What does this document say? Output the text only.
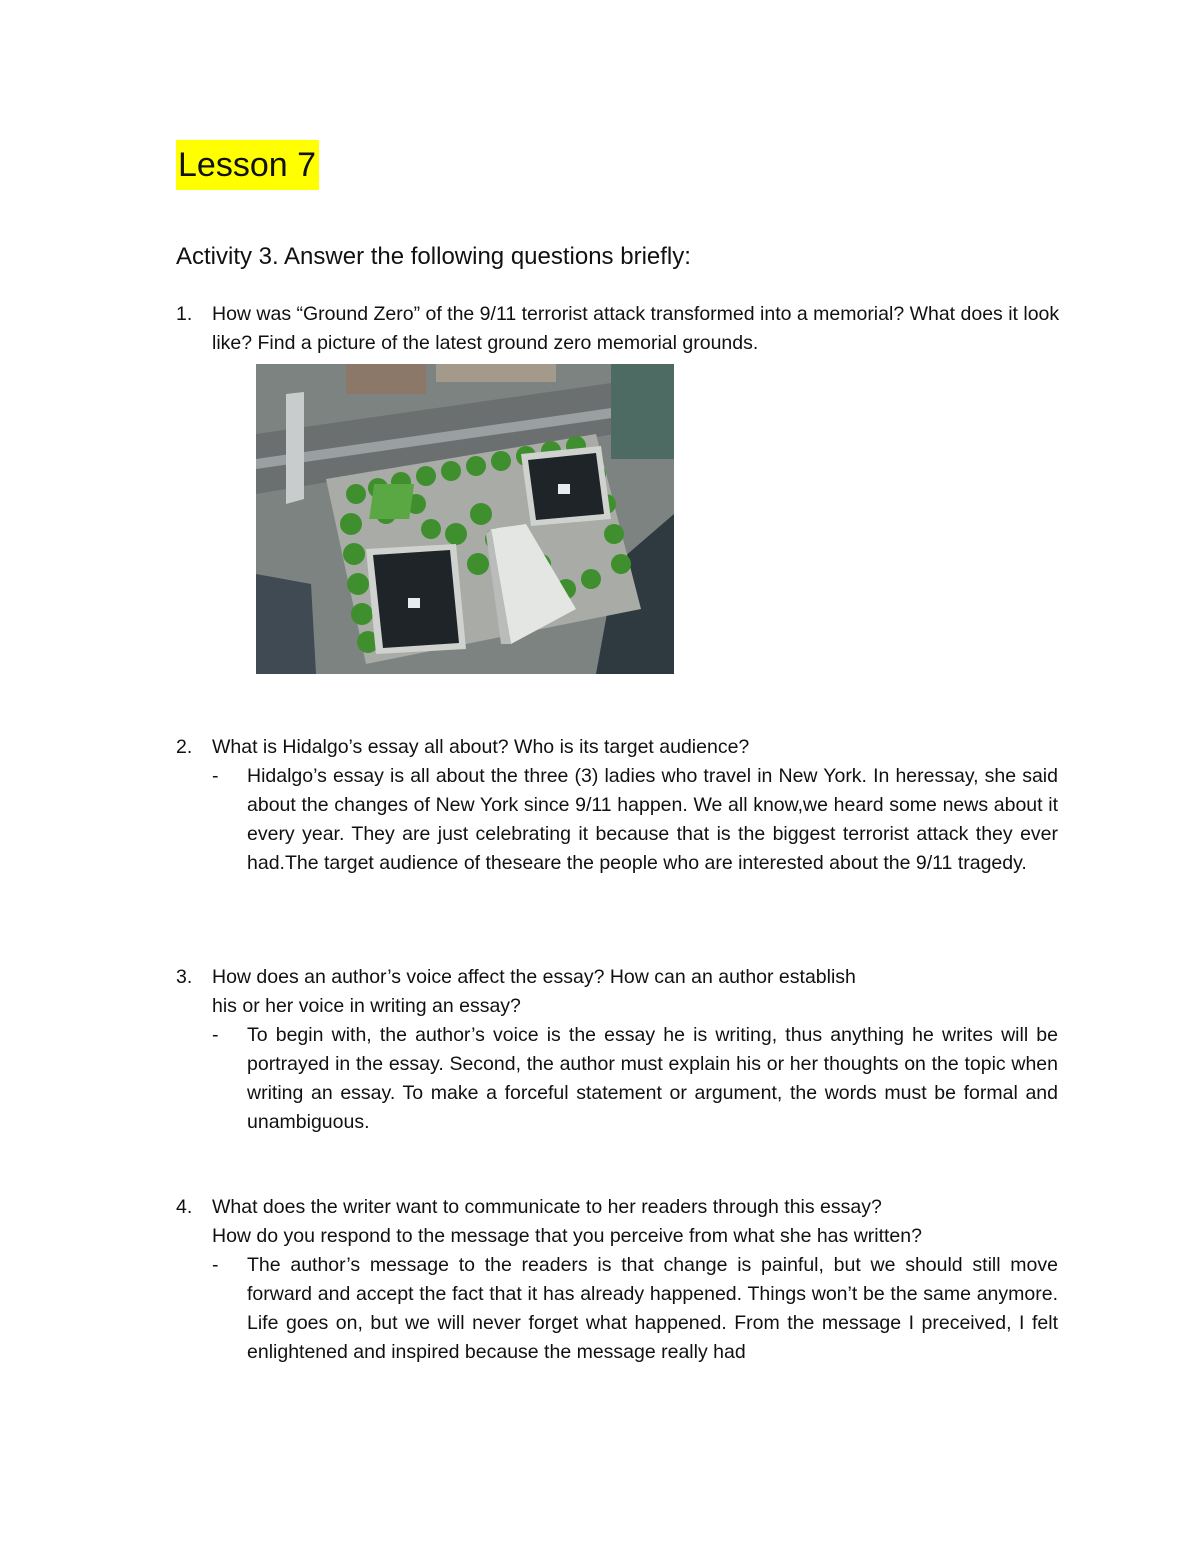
Lesson 7
Activity 3. Answer the following questions briefly:
1. How was “Ground Zero” of the 9/11 terrorist attack transformed into a memorial? What does it look like? Find a picture of the latest ground zero memorial grounds.
2. What is Hidalgo’s essay all about? Who is its target audience?
- Hidalgo’s essay is all about the three (3) ladies who travel in New York. In heressay, she said about the changes of New York since 9/11 happen. We all know,we heard some news about it every year. They are just celebrating it because that is the biggest terrorist attack they ever had.The target audience of theseare the people who are interested about the 9/11 tragedy.
3. How does an author’s voice affect the essay? How can an author establish
his or her voice in writing an essay?
- To begin with, the author’s voice is the essay he is writing, thus anything he writes will be portrayed in the essay. Second, the author must explain his or her thoughts on the topic when writing an essay. To make a forceful statement or argument, the words must be formal and unambiguous.
4. What does the writer want to communicate to her readers through this essay?
How do you respond to the message that you perceive from what she has written?
- The author’s message to the readers is that change is painful, but we should still move forward and accept the fact that it has already happened. Things won’t be the same anymore. Life goes on, but we will never forget what happened. From the message I preceived, I felt enlightened and inspired because the message really had
